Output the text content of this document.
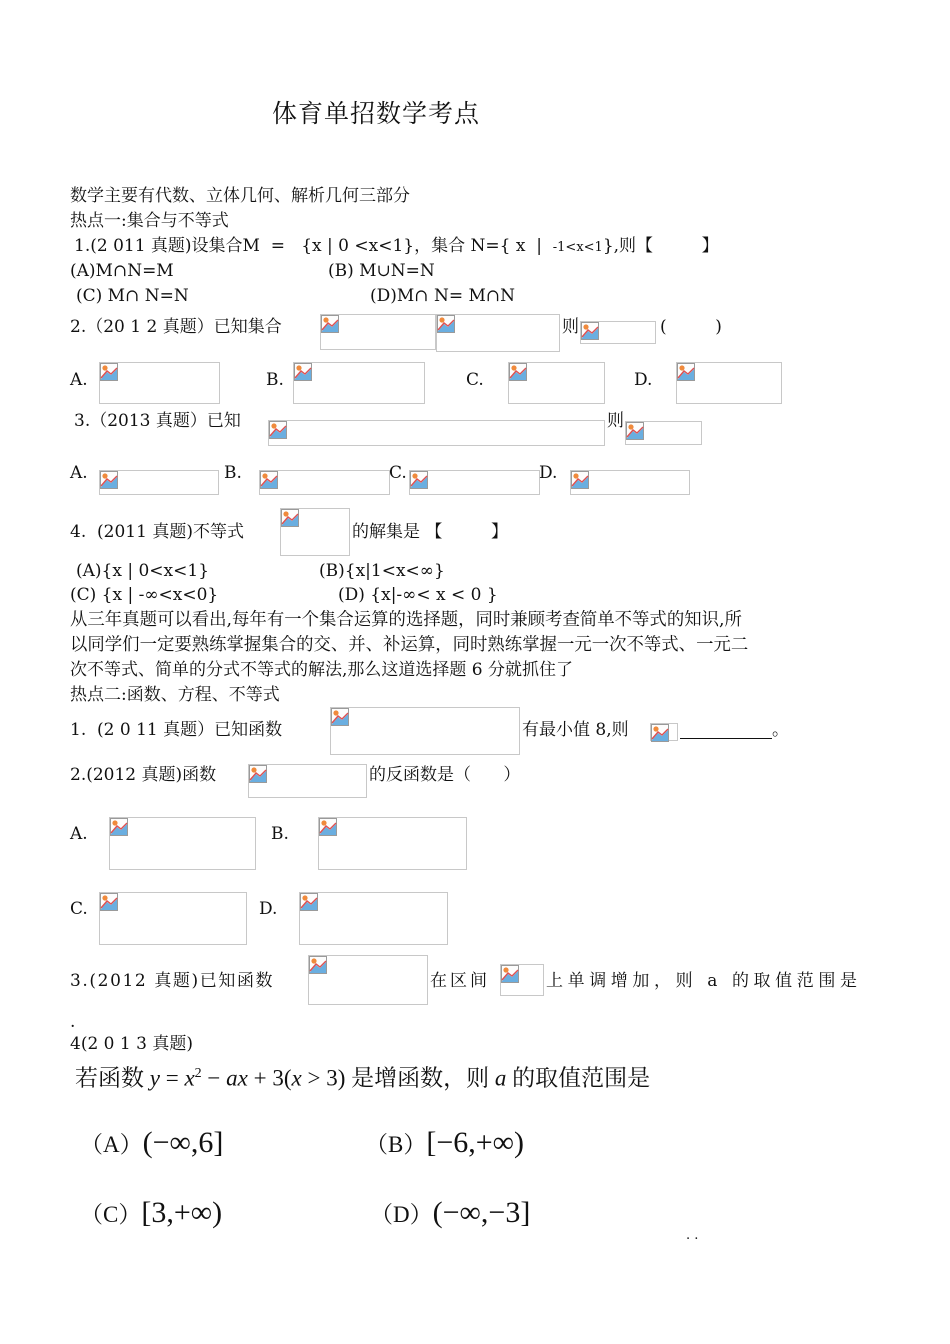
体育单招数学考点
数学主要有代数、立体几何、解析几何三部分
热点一:集合与不等式
1.(2 011 真题)设集合M  =   {x | 0 <x<1}，集合 N={ x  |  -1<x<1},则【         】
(A)M∩N=M	(B) M∪N=N
(C) M∩ N=N	(D)M∩ N= M∩N
2.（20 1 2 真题）已知集合	则	(         )
A.	B.	C.	D.
3.（2013 真题）已知	则
A.	B.	C.	D.
4.  (2011 真题)不等式	的解集是 【         】
(A){x | 0<x<1}	(B){x|1<x<∞}
(C) {x | -∞<x<0}	(D) {x|-∞< x < 0 }
从三年真题可以看出,每年有一个集合运算的选择题，同时兼顾考查简单不等式的知识,所
以同学们一定要熟练掌握集合的交、并、补运算，同时熟练掌握一元一次不等式、一元二
次不等式、简单的分式不等式的解法,那么这道选择题 6 分就抓住了
热点二:函数、方程、不等式
1.  (2 0 11 真题）已知函数	有最小值 8,则	。
2.(2012 真题)函数	的反函数是（      ）
A.	B.
C.	D.
3.(2012 真题)已知函数	在区间	上单调增加，则 a 的取值范围是
.
4(2 0 1 3 真题)
若函数 $y = x^2$ − ax + 3(x > 3) 是增函数，则 a 的取值范围是
（A）(−∞,6]	（B）[−6,+∞)
（C）[3,+∞)	（D）(−∞,−3]
. .
